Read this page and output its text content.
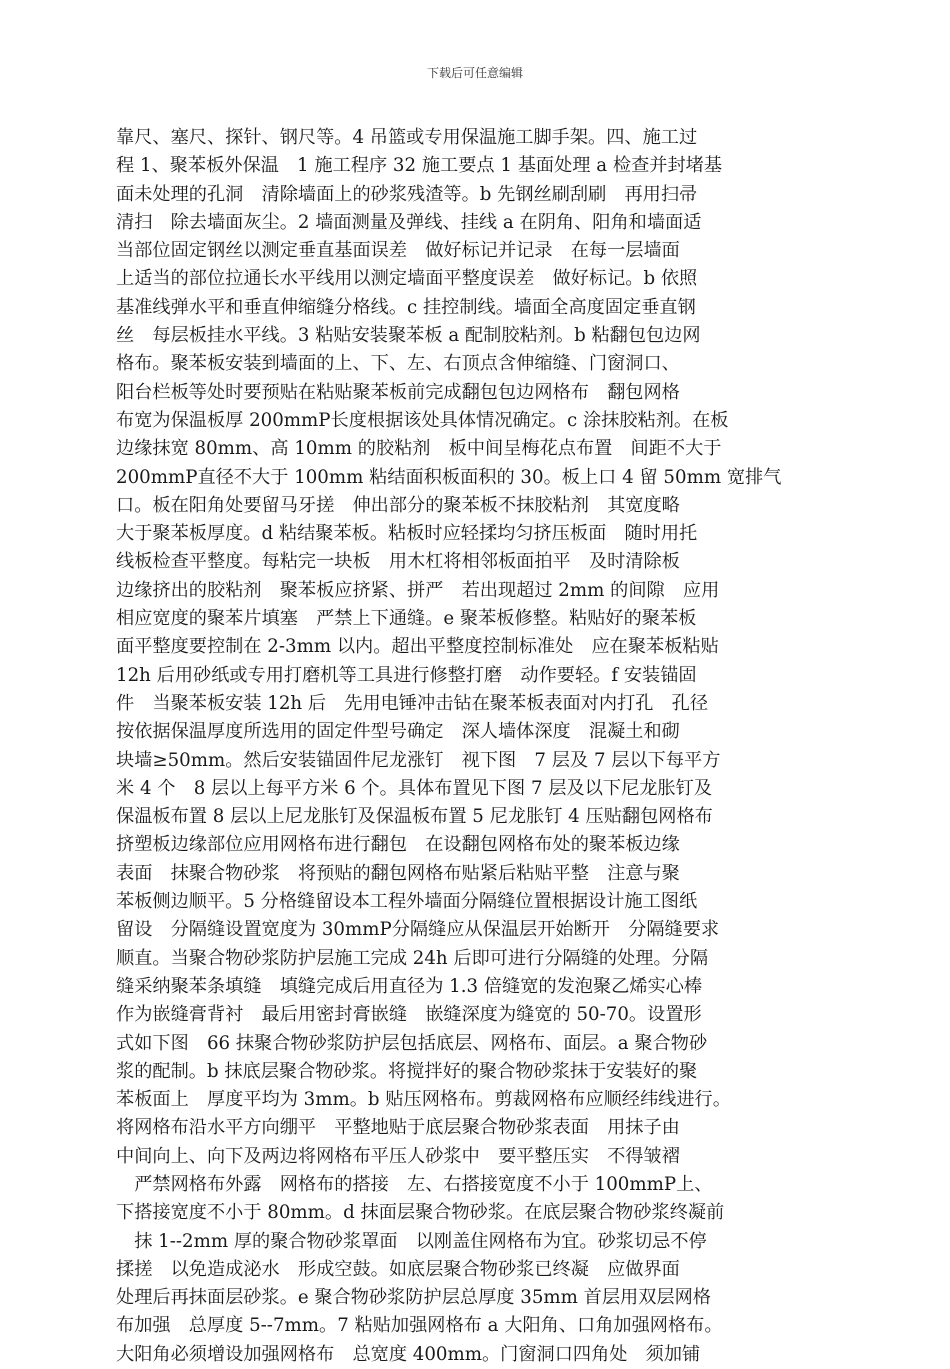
下载后可任意编辑
靠尺、塞尺、探针、钢尺等。4 吊篮或专用保温施工脚手架。四、施工过
程 1、聚苯板外保温　1 施工程序 32 施工要点 1 基面处理 a 检查并封堵基
面未处理的孔洞　清除墙面上的砂浆残渣等。b 先钢丝刷刮刷　再用扫帚
清扫　除去墙面灰尘。2 墙面测量及弹线、挂线 a 在阴角、阳角和墙面适
当部位固定钢丝以测定垂直基面误差　做好标记并记录　在每一层墙面
上适当的部位拉通长水平线用以测定墙面平整度误差　做好标记。b 依照
基准线弹水平和垂直伸缩缝分格线。c 挂控制线。墙面全高度固定垂直钢
丝　每层板挂水平线。3 粘贴安装聚苯板 a 配制胶粘剂。b 粘翻包包边网
格布。聚苯板安装到墙面的上、下、左、右顶点含伸缩缝、门窗洞口、
阳台栏板等处时要预贴在粘贴聚苯板前完成翻包包边网格布　翻包网格
布宽为保温板厚 200mmP长度根据该处具体情况确定。c 涂抹胶粘剂。在板
边缘抹宽 80mm、高 10mm 的胶粘剂　板中间呈梅花点布置　间距不大于
200mmP直径不大于 100mm 粘结面积板面积的 30。板上口 4 留 50mm 宽排气
口。板在阳角处要留马牙搓　伸出部分的聚苯板不抹胶粘剂　其宽度略
大于聚苯板厚度。d 粘结聚苯板。粘板时应轻揉均匀挤压板面　随时用托
线板检查平整度。每粘完一块板　用木杠将相邻板面拍平　及时清除板
边缘挤出的胶粘剂　聚苯板应挤紧、拼严　若出现超过 2mm 的间隙　应用
相应宽度的聚苯片填塞　严禁上下通缝。e 聚苯板修整。粘贴好的聚苯板
面平整度要控制在 2-3mm 以内。超出平整度控制标准处　应在聚苯板粘贴
12h 后用砂纸或专用打磨机等工具进行修整打磨　动作要轻。f 安装锚固
件　当聚苯板安装 12h 后　先用电锤冲击钻在聚苯板表面对内打孔　孔径
按依据保温厚度所选用的固定件型号确定　深人墙体深度　混凝土和砌
块墙≥50mm。然后安装锚固件尼龙涨钉　视下图　7 层及 7 层以下每平方
米 4 个　8 层以上每平方米 6 个。具体布置见下图 7 层及以下尼龙胀钉及
保温板布置 8 层以上尼龙胀钉及保温板布置 5 尼龙胀钉 4 压贴翻包网格布
挤塑板边缘部位应用网格布进行翻包　在设翻包网格布处的聚苯板边缘
表面　抹聚合物砂浆　将预贴的翻包网格布贴紧后粘贴平整　注意与聚
苯板侧边顺平。5 分格缝留设本工程外墙面分隔缝位置根据设计施工图纸
留设　分隔缝设置宽度为 30mmP分隔缝应从保温层开始断开　分隔缝要求
顺直。当聚合物砂浆防护层施工完成 24h 后即可进行分隔缝的处理。分隔
缝采纳聚苯条填缝　填缝完成后用直径为 1.3 倍缝宽的发泡聚乙烯实心棒
作为嵌缝膏背衬　最后用密封膏嵌缝　嵌缝深度为缝宽的 50-70。设置形
式如下图　66 抹聚合物砂浆防护层包括底层、网格布、面层。a 聚合物砂
浆的配制。b 抹底层聚合物砂浆。将搅拌好的聚合物砂浆抹于安装好的聚
苯板面上　厚度平均为 3mm。b 贴压网格布。剪裁网格布应顺经纬线进行。
将网格布沿水平方向绷平　平整地贴于底层聚合物砂浆表面　用抹子由
中间向上、向下及两边将网格布平压人砂浆中　要平整压实　不得皱褶
　严禁网格布外露　网格布的搭接　左、右搭接宽度不小于 100mmP上、
下搭接宽度不小于 80mm。d 抹面层聚合物砂浆。在底层聚合物砂浆终凝前
　抹 1--2mm 厚的聚合物砂浆罩面　以刚盖住网格布为宜。砂浆切忌不停
揉搓　以免造成泌水　形成空鼓。如底层聚合物砂浆已终凝　应做界面
处理后再抹面层砂浆。e 聚合物砂浆防护层总厚度 35mm 首层用双层网格
布加强　总厚度 5--7mm。7 粘贴加强网格布 a 大阳角、口角加强网格布。
大阳角必须增设加强网格布　总宽度 400mm。门窗洞口四角处　须加铺
